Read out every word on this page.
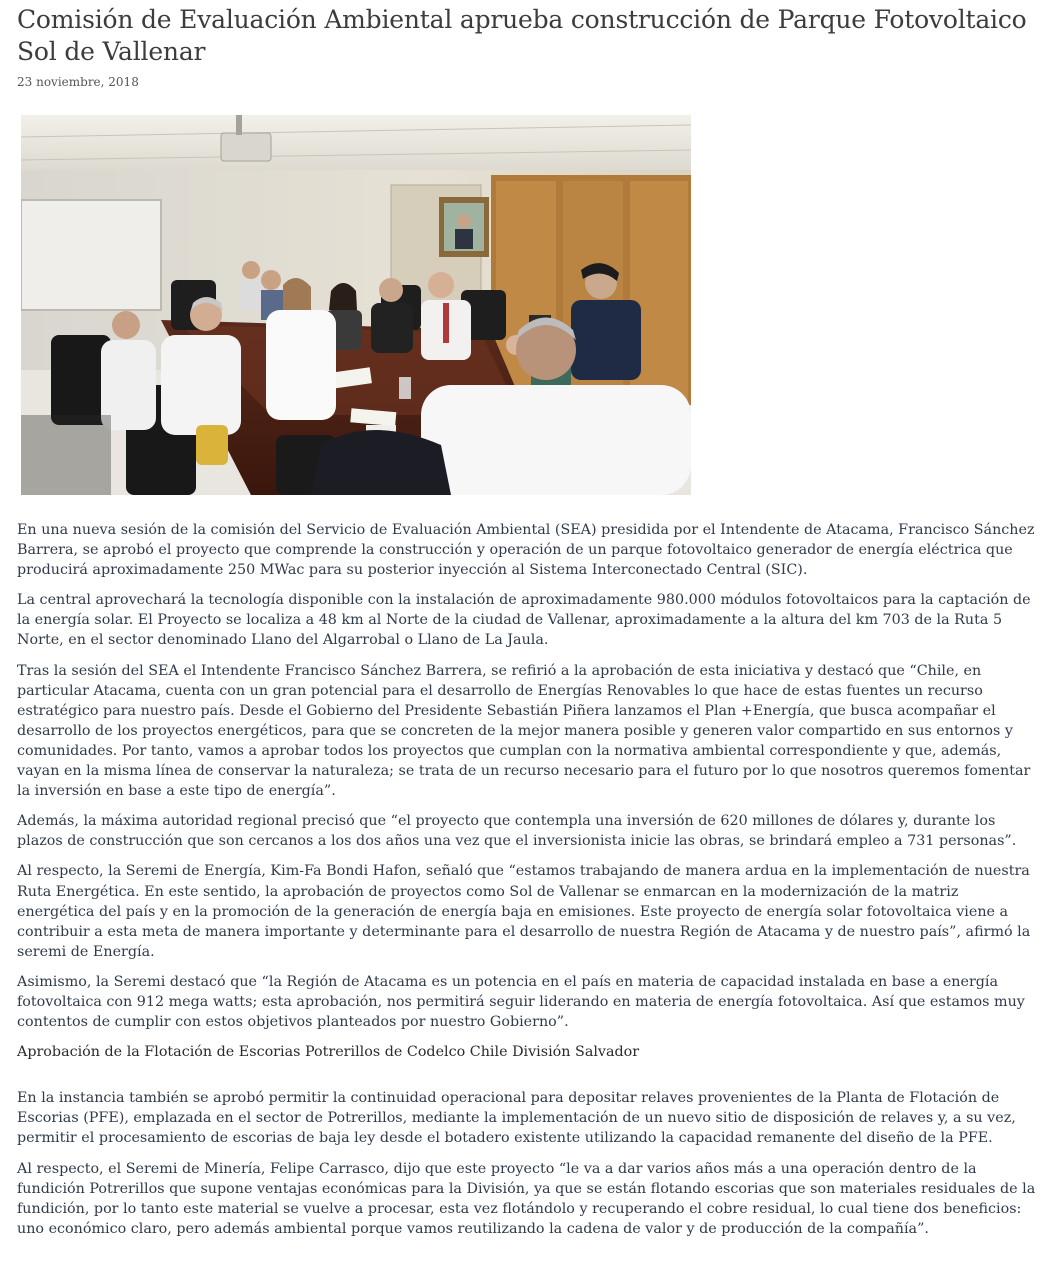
Comisión de Evaluación Ambiental aprueba construcción de Parque Fotovoltaico Sol de Vallenar
23 noviembre, 2018

En una nueva sesión de la comisión del Servicio de Evaluación Ambiental (SEA) presidida por el Intendente de Atacama, Francisco Sánchez Barrera, se aprobó el proyecto que comprende la construcción y operación de un parque fotovoltaico generador de energía eléctrica que producirá aproximadamente 250 MWac para su posterior inyección al Sistema Interconectado Central (SIC).

La central aprovechará la tecnología disponible con la instalación de aproximadamente 980.000 módulos fotovoltaicos para la captación de la energía solar. El Proyecto se localiza a 48 km al Norte de la ciudad de Vallenar, aproximadamente a la altura del km 703 de la Ruta 5 Norte, en el sector denominado Llano del Algarrobal o Llano de La Jaula.

Tras la sesión del SEA el Intendente Francisco Sánchez Barrera, se refirió a la aprobación de esta iniciativa y destacó que “Chile, en particular Atacama, cuenta con un gran potencial para el desarrollo de Energías Renovables lo que hace de estas fuentes un recurso estratégico para nuestro país. Desde el Gobierno del Presidente Sebastián Piñera lanzamos el Plan +Energía, que busca acompañar el desarrollo de los proyectos energéticos, para que se concreten de la mejor manera posible y generen valor compartido en sus entornos y comunidades. Por tanto, vamos a aprobar todos los proyectos que cumplan con la normativa ambiental correspondiente y que, además, vayan en la misma línea de conservar la naturaleza; se trata de un recurso necesario para el futuro por lo que nosotros queremos fomentar la inversión en base a este tipo de energía”.

Además, la máxima autoridad regional precisó que “el proyecto que contempla una inversión de 620 millones de dólares y, durante los plazos de construcción que son cercanos a los dos años una vez que el inversionista inicie las obras, se brindará empleo a 731 personas”.

Al respecto, la Seremi de Energía, Kim-Fa Bondi Hafon, señaló que “estamos trabajando de manera ardua en la implementación de nuestra Ruta Energética. En este sentido, la aprobación de proyectos como Sol de Vallenar se enmarcan en la modernización de la matriz energética del país y en la promoción de la generación de energía baja en emisiones. Este proyecto de energía solar fotovoltaica viene a contribuir a esta meta de manera importante y determinante para el desarrollo de nuestra Región de Atacama y de nuestro país”, afirmó la seremi de Energía.

Asimismo, la Seremi destacó que “la Región de Atacama es un potencia en el país en materia de capacidad instalada en base a energía fotovoltaica con 912 mega watts; esta aprobación, nos permitirá seguir liderando en materia de energía fotovoltaica. Así que estamos muy contentos de cumplir con estos objetivos planteados por nuestro Gobierno”.

Aprobación de la Flotación de Escorias Potrerillos de Codelco Chile División Salvador

En la instancia también se aprobó permitir la continuidad operacional para depositar relaves provenientes de la Planta de Flotación de Escorias (PFE), emplazada en el sector de Potrerillos, mediante la implementación de un nuevo sitio de disposición de relaves y, a su vez, permitir el procesamiento de escorias de baja ley desde el botadero existente utilizando la capacidad remanente del diseño de la PFE.

Al respecto, el Seremi de Minería, Felipe Carrasco, dijo que este proyecto “le va a dar varios años más a una operación dentro de la fundición Potrerillos que supone ventajas económicas para la División, ya que se están flotando escorias que son materiales residuales de la fundición, por lo tanto este material se vuelve a procesar, esta vez flotándolo y recuperando el cobre residual, lo cual tiene dos beneficios: uno económico claro, pero además ambiental porque vamos reutilizando la cadena de valor y de producción de la compañía”.
